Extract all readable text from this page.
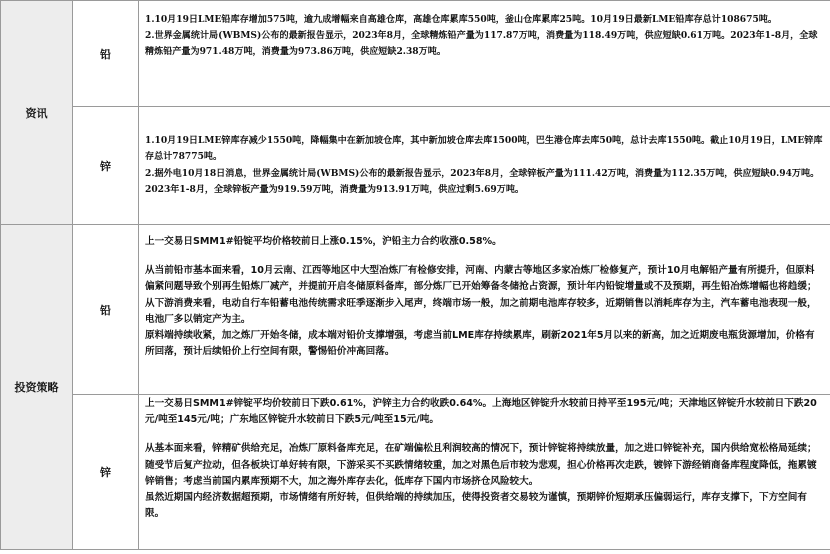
资讯	铅	1.10月19日LME铅库存增加575吨，逾九成增幅来自高雄仓库，高雄仓库累库550吨，釜山仓库累库25吨。10月19日最新LME铅库存总计108675吨。

2.世界金属统计局(WBMS)公布的最新报告显示，2023年8月，全球精炼铅产量为117.87万吨，消费量为118.49万吨，供应短缺0.61万吨。2023年1-8月，全球精炼铅产量为971.48万吨，消费量为973.86万吨，供应短缺2.38万吨。

	锌	1.10月19日LME锌库存减少1550吨，降幅集中在新加坡仓库，其中新加坡仓库去库1500吨，巴生港仓库去库50吨，总计去库1550吨。截止10月19日，LME锌库存总计78775吨。

2.据外电10月18日消息，世界金属统计局(WBMS)公布的最新报告显示，2023年8月，全球锌板产量为111.42万吨，消费量为112.35万吨，供应短缺0.94万吨。2023年1-8月，全球锌板产量为919.59万吨，消费量为913.91万吨，供应过剩5.69万吨。

投资策略	铅	上一交易日SMM1#铅锭平均价格较前日上涨0.15%，沪铅主力合约收涨0.58%。

从当前铅市基本面来看，10月云南、江西等地区中大型冶炼厂有检修安排，河南、内蒙古等地区多家冶炼厂检修复产，预计10月电解铅产量有所提升，但原料偏紧问题导致个别再生铅炼厂减产，并提前开启冬储原料备库，部分炼厂已开始筹备冬储抢占资源，预计年内铅锭增量或不及预期，再生铅冶炼增幅也将趋缓；从下游消费来看，电动自行车铅蓄电池传统需求旺季逐渐步入尾声，终端市场一般，加之前期电池库存较多，近期销售以消耗库存为主，汽车蓄电池表现一般，电池厂多以销定产为主。
原料端持续收紧，加之炼厂开始冬储，成本端对铅价支撑增强，考虑当前LME库存持续累库，刷新2021年5月以来的新高，加之近期废电瓶货源增加，价格有所回落，预计后续铅价上行空间有限，警惕铅价冲高回落。

	锌	上一交易日SMM1#锌锭平均价较前日下跌0.61%，沪锌主力合约收跌0.64%。上海地区锌锭升水较前日持平至195元/吨；天津地区锌锭升水较前日下跌20元/吨至145元/吨；广东地区锌锭升水较前日下跌5元/吨至15元/吨。

从基本面来看，锌精矿供给充足，冶炼厂原料备库充足，在矿端偏松且利润较高的情况下，预计锌锭将持续放量，加之进口锌锭补充，国内供给宽松格局延续；随受节后复产拉动，但各板块订单好转有限，下游采买不买跌情绪较重，加之对黑色后市较为悲观，担心价格再次走跌，镀锌下游经销商备库程度降低，拖累镀锌销售；考虑当前国内累库预期不大，加之海外库存去化，低库存下国内市场挤仓风险较大。
虽然近期国内经济数据超预期，市场情绪有所好转，但供给端的持续加压，使得投资者交易较为谨慎，预期锌价短期承压偏弱运行，库存支撑下，下方空间有限。
